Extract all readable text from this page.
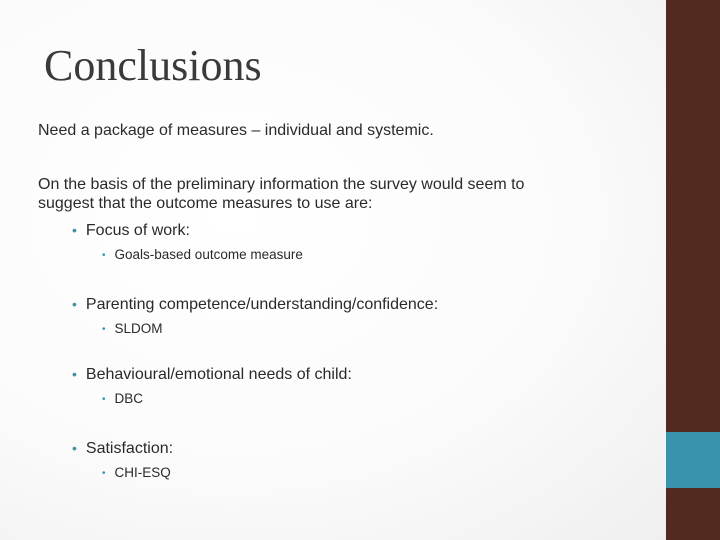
Conclusions
Need a package of measures – individual and systemic.
On the basis of the preliminary information the survey would seem to
suggest that the outcome measures to use are:
• Focus of work:
• Goals-based outcome measure
• Parenting competence/understanding/confidence:
• SLDOM
• Behavioural/emotional needs of child:
• DBC
• Satisfaction:
• CHI-ESQ
